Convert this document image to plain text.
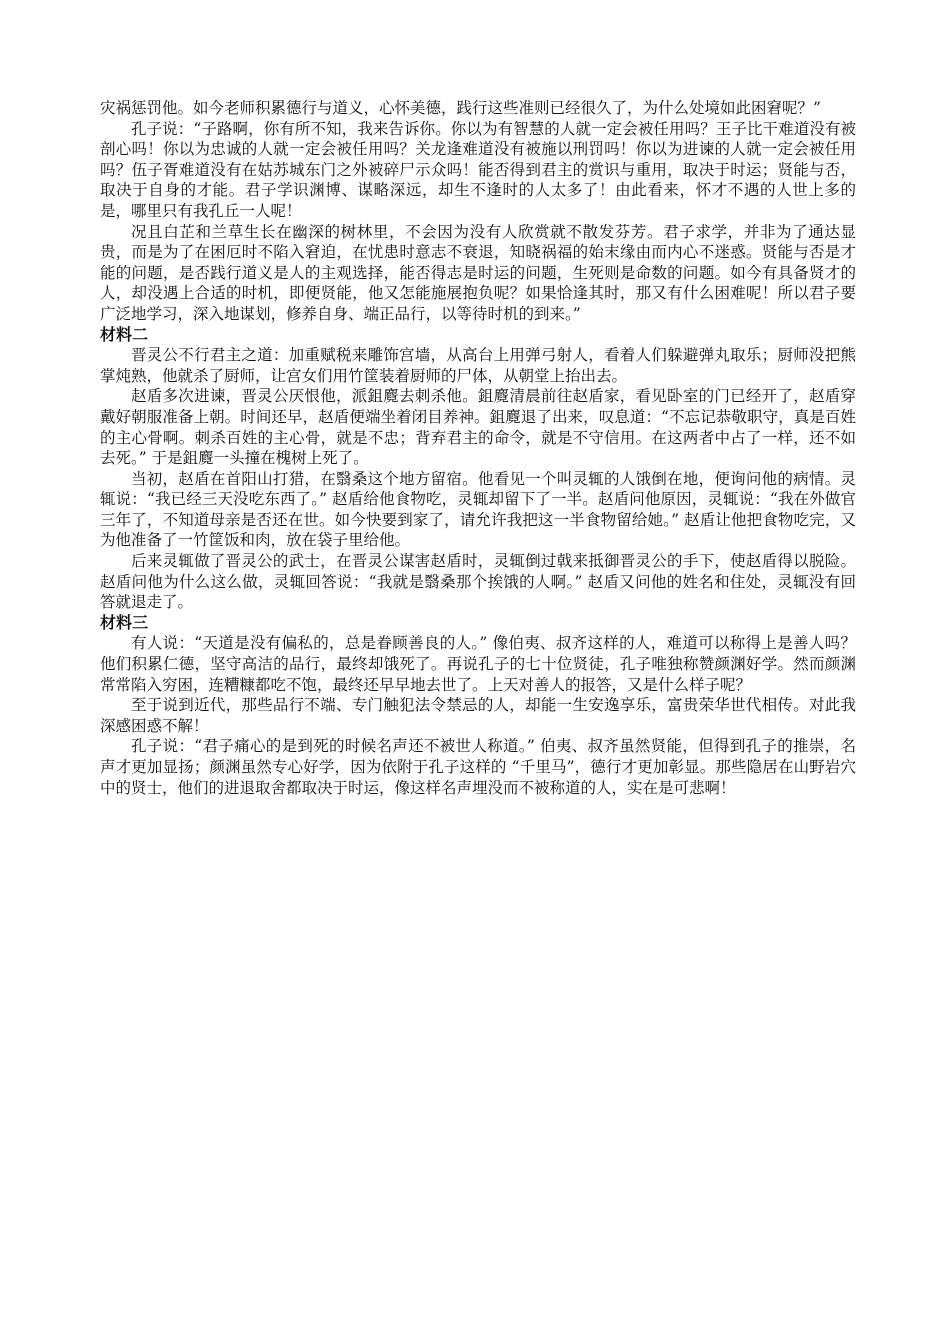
灾祸惩罚他。如今老师积累德行与道义，心怀美德，践行这些准则已经很久了，为什么处境如此困窘呢？”

孔子说：“子路啊，你有所不知，我来告诉你。你以为有智慧的人就一定会被任用吗？王子比干难道没有被剖心吗！你以为忠诚的人就一定会被任用吗？关龙逢难道没有被施以刑罚吗！你以为进谏的人就一定会被任用吗？伍子胥难道没有在姑苏城东门之外被碎尸示众吗！能否得到君主的赏识与重用，取决于时运；贤能与否，取决于自身的才能。君子学识渊博、谋略深远，却生不逢时的人太多了！由此看来，怀才不遇的人世上多的是，哪里只有我孔丘一人呢！

况且白芷和兰草生长在幽深的树林里，不会因为没有人欣赏就不散发芬芳。君子求学，并非为了通达显贵，而是为了在困厄时不陷入窘迫，在忧患时意志不衰退，知晓祸福的始末缘由而内心不迷惑。贤能与否是才能的问题，是否践行道义是人的主观选择，能否得志是时运的问题，生死则是命数的问题。如今有具备贤才的人，却没遇上合适的时机，即便贤能，他又怎能施展抱负呢？如果恰逢其时，那又有什么困难呢！所以君子要广泛地学习，深入地谋划，修养自身、端正品行，以等待时机的到来。”

材料二

晋灵公不行君主之道：加重赋税来雕饰宫墙，从高台上用弹弓射人，看着人们躲避弹丸取乐；厨师没把熊掌炖熟，他就杀了厨师，让宫女们用竹筐装着厨师的尸体，从朝堂上抬出去。

赵盾多次进谏，晋灵公厌恨他，派鉏麑去刺杀他。鉏麑清晨前往赵盾家，看见卧室的门已经开了，赵盾穿戴好朝服准备上朝。时间还早，赵盾便端坐着闭目养神。鉏麑退了出来，叹息道：“不忘记恭敬职守，真是百姓的主心骨啊。刺杀百姓的主心骨，就是不忠；背弃君主的命令，就是不守信用。在这两者中占了一样，还不如去死。” 于是鉏麑一头撞在槐树上死了。

当初，赵盾在首阳山打猎，在翳桑这个地方留宿。他看见一个叫灵辄的人饿倒在地，便询问他的病情。灵辄说：“我已经三天没吃东西了。” 赵盾给他食物吃，灵辄却留下了一半。赵盾问他原因，灵辄说：“我在外做官三年了，不知道母亲是否还在世。如今快要到家了，请允许我把这一半食物留给她。” 赵盾让他把食物吃完，又为他准备了一竹筐饭和肉，放在袋子里给他。

后来灵辄做了晋灵公的武士，在晋灵公谋害赵盾时，灵辄倒过戟来抵御晋灵公的手下，使赵盾得以脱险。赵盾问他为什么这么做，灵辄回答说：“我就是翳桑那个挨饿的人啊。” 赵盾又问他的姓名和住处，灵辄没有回答就退走了。

材料三

有人说：“天道是没有偏私的，总是眷顾善良的人。” 像伯夷、叔齐这样的人，难道可以称得上是善人吗？他们积累仁德，坚守高洁的品行，最终却饿死了。再说孔子的七十位贤徒，孔子唯独称赞颜渊好学。然而颜渊常常陷入穷困，连糟糠都吃不饱，最终还早早地去世了。上天对善人的报答，又是什么样子呢？

至于说到近代，那些品行不端、专门触犯法令禁忌的人，却能一生安逸享乐，富贵荣华世代相传。对此我深感困惑不解！

孔子说：“君子痛心的是到死的时候名声还不被世人称道。” 伯夷、叔齐虽然贤能，但得到孔子的推崇，名声才更加显扬；颜渊虽然专心好学，因为依附于孔子这样的 “千里马”，德行才更加彰显。那些隐居在山野岩穴中的贤士，他们的进退取舍都取决于时运，像这样名声埋没而不被称道的人，实在是可悲啊！
